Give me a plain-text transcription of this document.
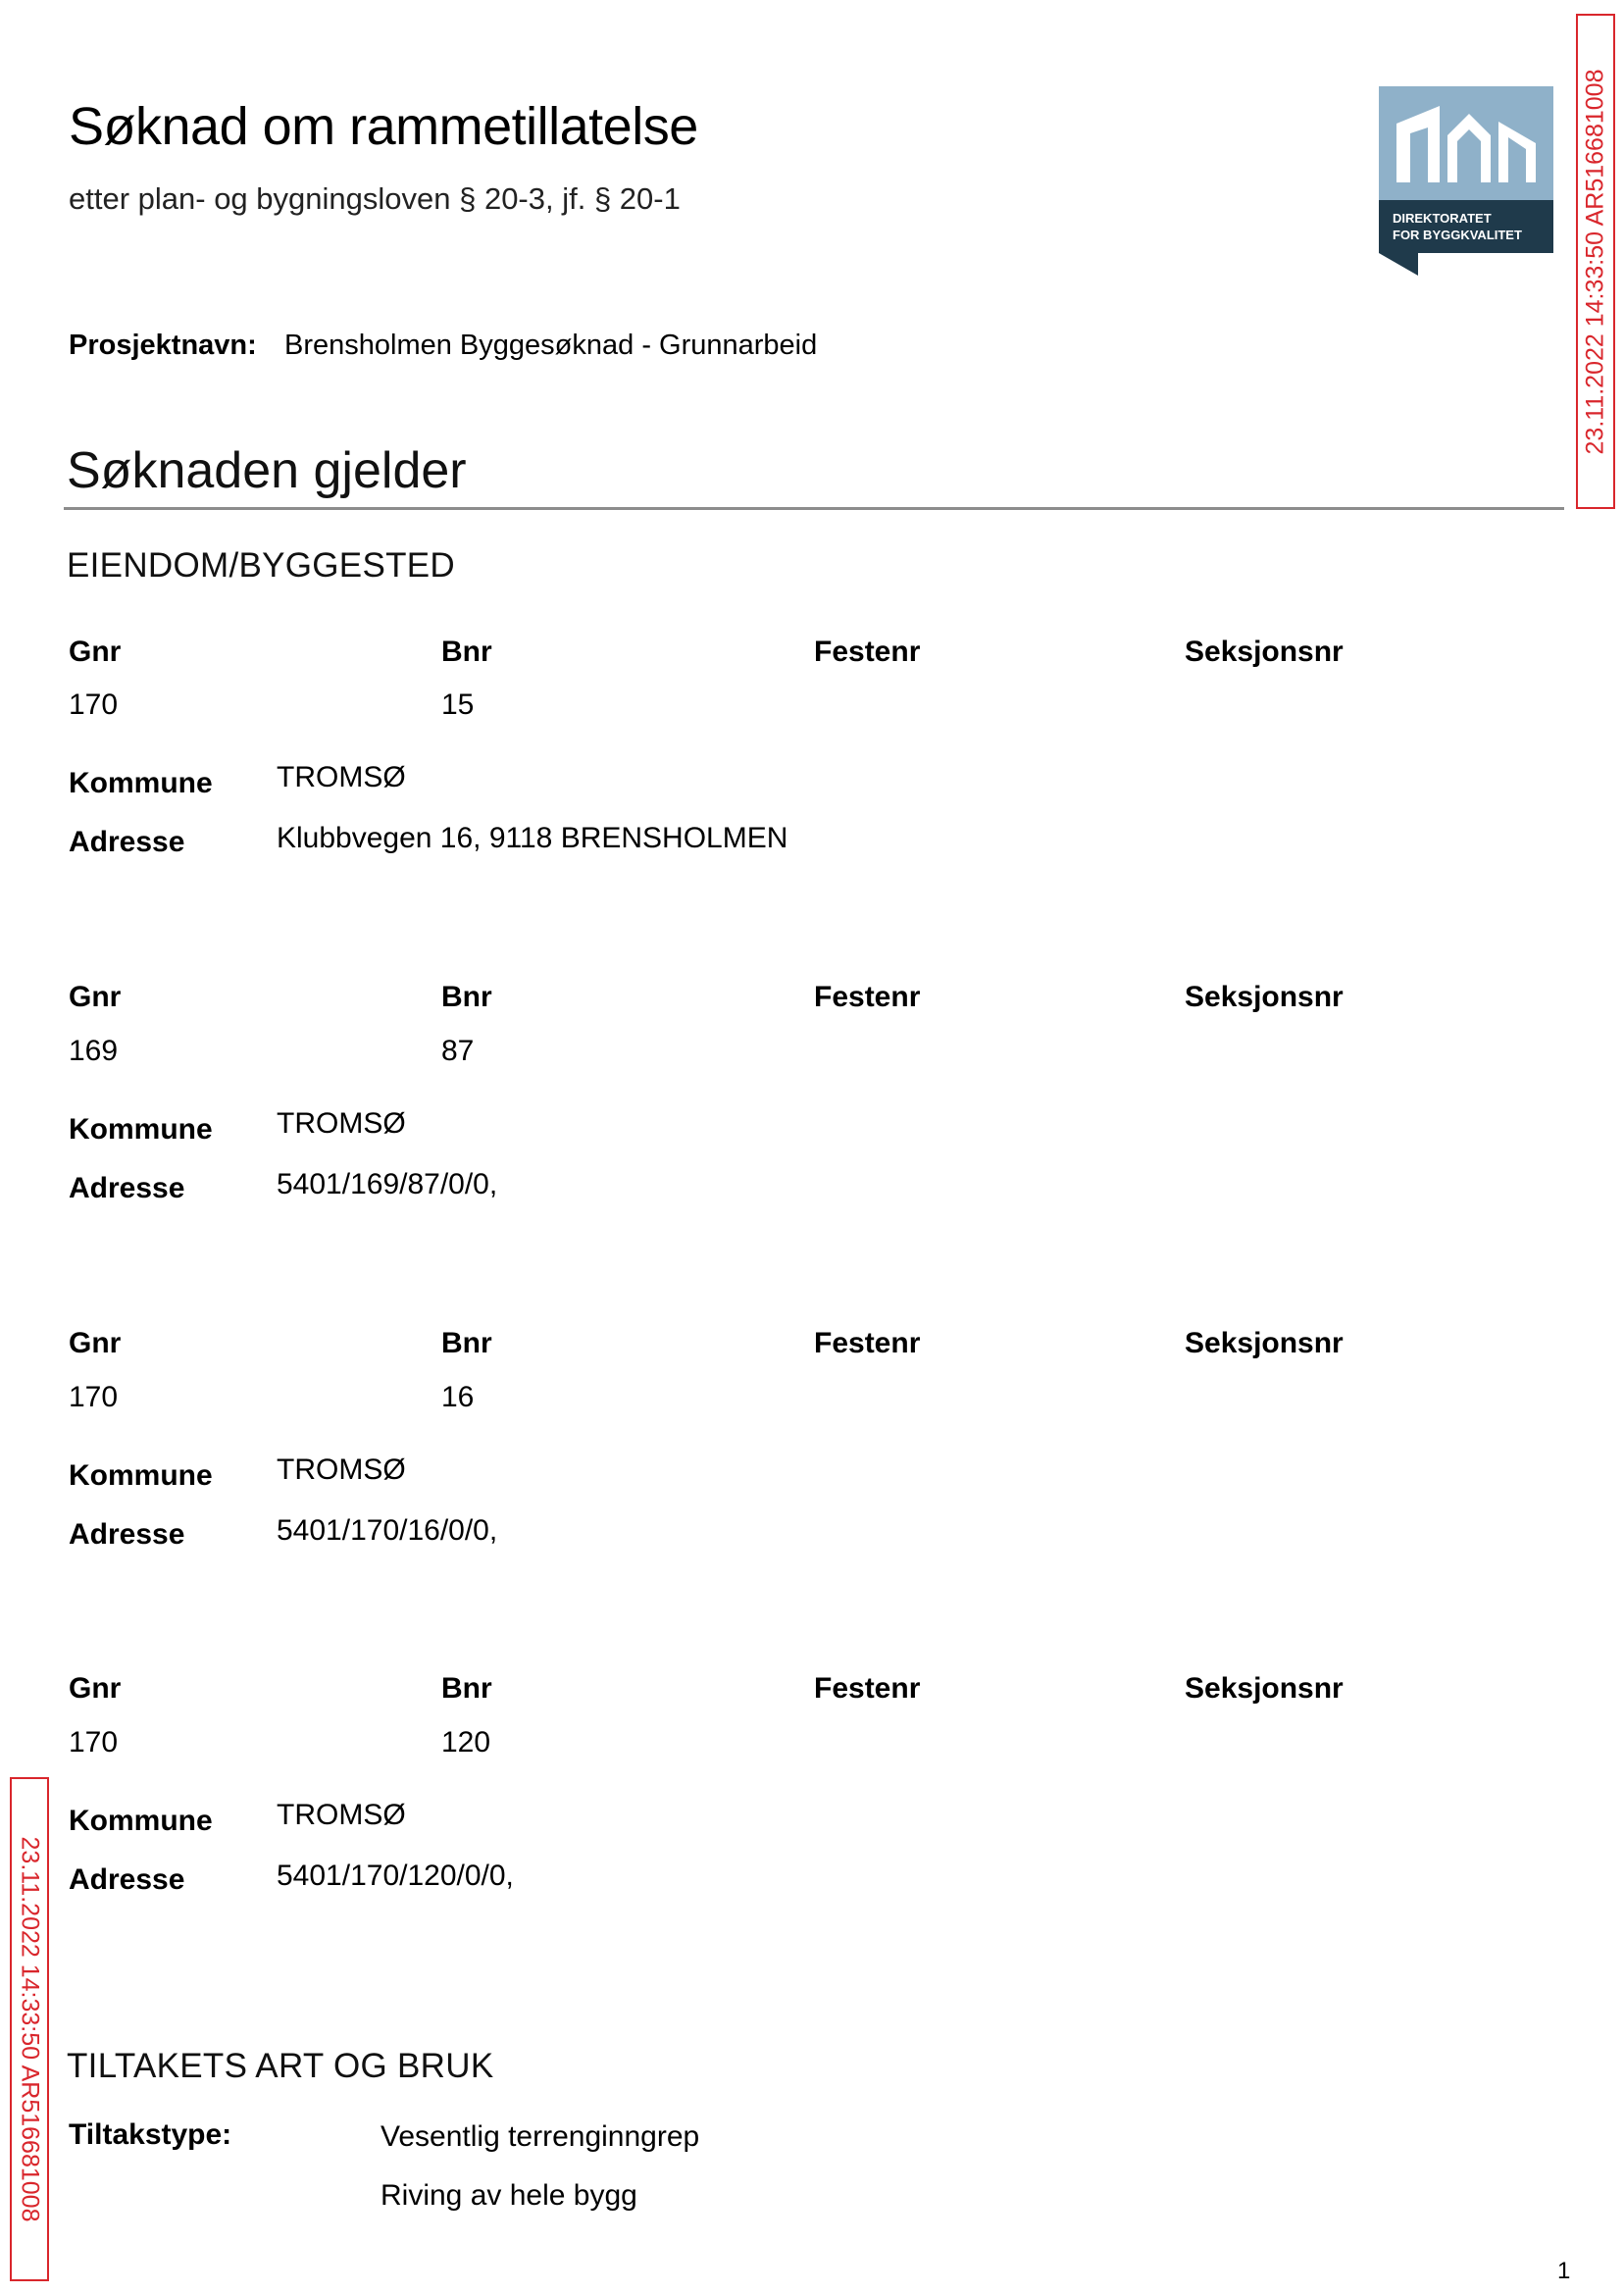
Søknad om rammetillatelse
etter plan- og bygningsloven § 20-3, jf. § 20-1
DIREKTORATET
FOR BYGGKVALITET 23.11.2022 14:33:50 AR516681008
Prosjektnavn: Brensholmen Byggesøknad - Grunnarbeid
Søknaden gjelder
EIENDOM/BYGGESTED
Gnr	Bnr	Festenr	Seksjonsnr
170	15
Kommune TROMSØ
Adresse	Klubbvegen 16, 9118 BRENSHOLMEN
Gnr	Bnr	Festenr	Seksjonsnr
169	87
Kommune TROMSØ
Adresse	5401/169/87/0/0,
Gnr	Bnr	Festenr	Seksjonsnr
170	16
Kommune TROMSØ
Adresse	5401/170/16/0/0,
Gnr	Bnr	Festenr	Seksjonsnr
170	120
Kommune TROMSØ
Adresse	5401/170/120/0/0,
TILTAKETS ART OG BRUK
Tiltakstype:	Vesentlig terrenginngrep
Riving av hele bygg
23.11.2022 14:33:50 AR516681008
1
